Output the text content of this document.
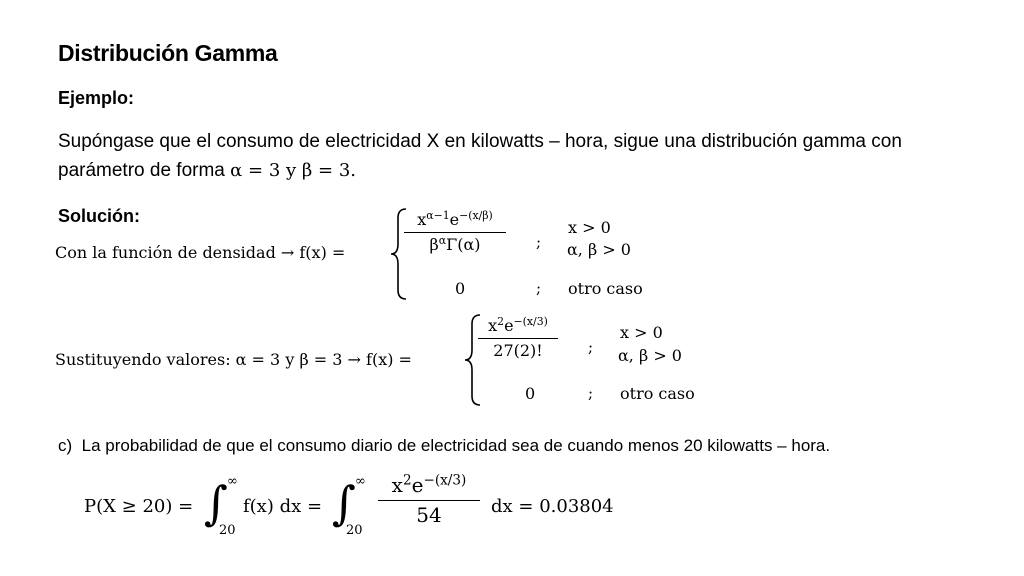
Distribución Gamma
Ejemplo:
Supóngase que el consumo de electricidad X en kilowatts – hora, sigue una distribución gamma con
parámetro de forma α = 3 y β = 3.
Solución:
Con la función de densidad → f(x) =
$x^{\alpha-1}e^{-(x/\beta)}$
$\beta^\alpha\Gamma(\alpha)$	;
x > 0
α, β > 0
0	; otro caso
Sustituyendo valores: α = 3 y β = 3 → f(x) =
$x^2e^{-(x/3)}$
27(2)!	;
x > 0
α, β > 0
0	; otro caso
c) La probabilidad de que el consumo diario de electricidad sea de cuando menos 20 kilowatts – hora.
P(X ≥ 20) = ∫ ∞
20
f(x) dx = ∫ ∞
20
$x^2e^{-(x/3)}$
54	dx = 0.03804
